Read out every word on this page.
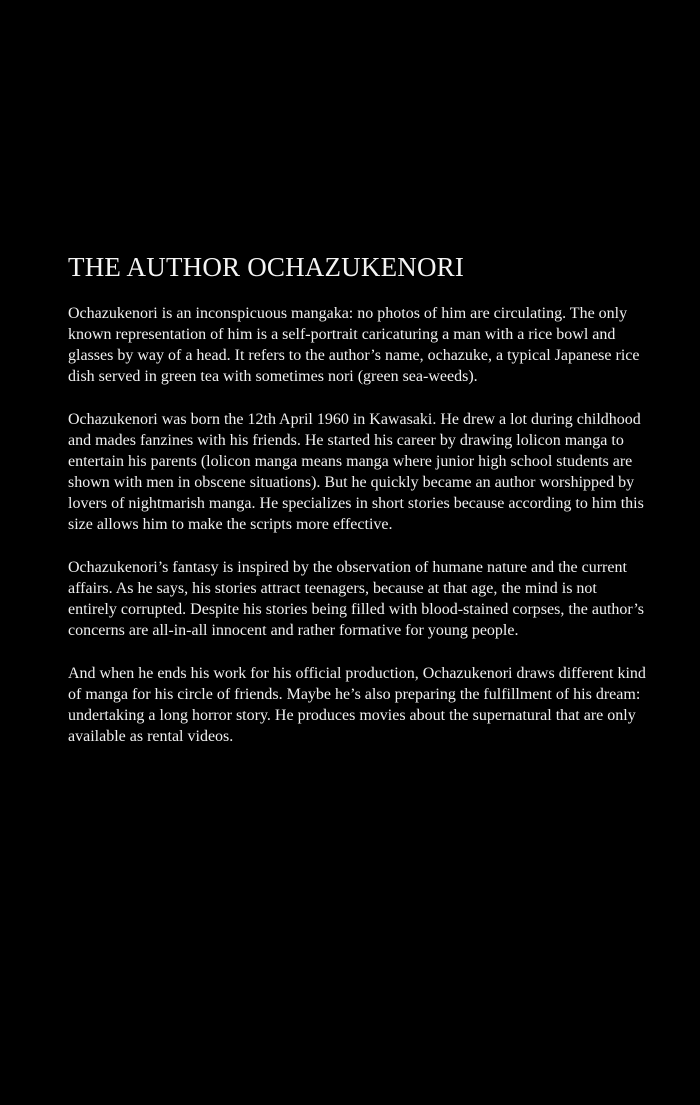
THE AUTHOR OCHAZUKENORI

Ochazukenori is an inconspicuous mangaka: no photos of him are circulating. The only known representation of him is a self-portrait caricaturing a man with a rice bowl and glasses by way of a head. It refers to the author’s name, ochazuke, a typical Japanese rice dish served in green tea with sometimes nori (green sea-weeds).

Ochazukenori was born the 12th April 1960 in Kawasaki. He drew a lot during childhood and mades fanzines with his friends. He started his career by drawing lolicon manga to entertain his parents (lolicon manga means manga where junior high school students are shown with men in obscene situations). But he quickly became an author worshipped by lovers of nightmarish manga. He specializes in short stories because according to him this size allows him to make the scripts more effective.

Ochazukenori’s fantasy is inspired by the observation of humane nature and the current affairs. As he says, his stories attract teenagers, because at that age, the mind is not entirely corrupted. Despite his stories being filled with blood-stained corpses, the author’s concerns are all-in-all innocent and rather formative for young people.

And when he ends his work for his official production, Ochazukenori draws different kind of manga for his circle of friends. Maybe he’s also preparing the fulfillment of his dream: undertaking a long horror story. He produces movies about the supernatural that are only available as rental videos.
